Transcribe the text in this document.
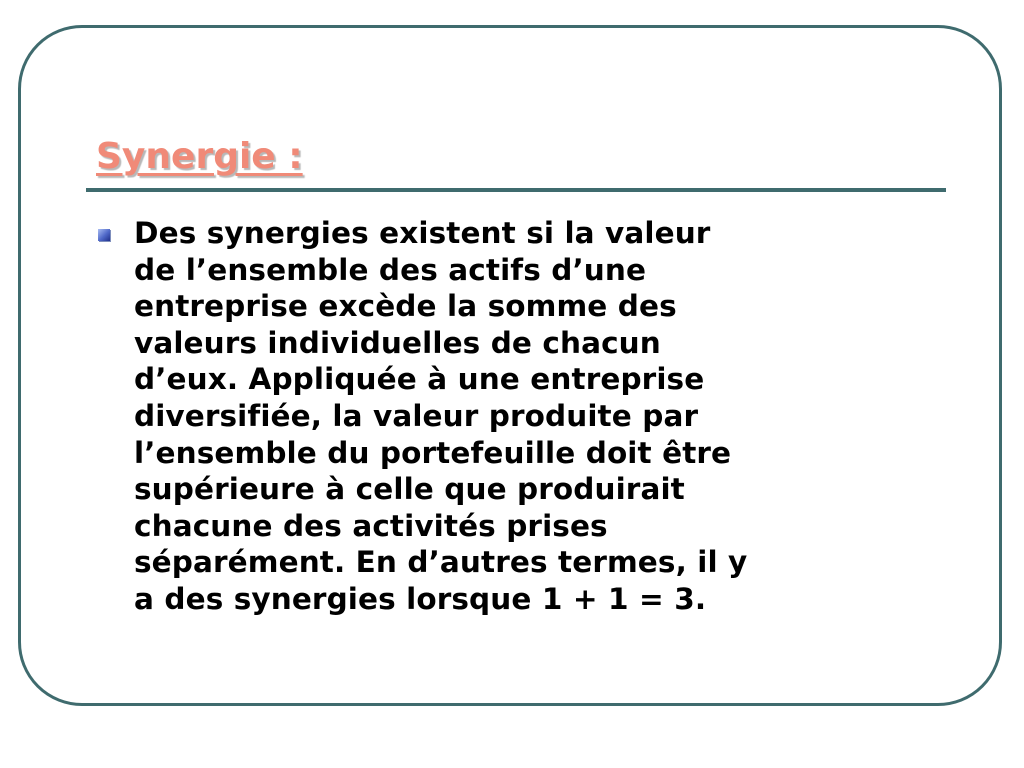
Synergie :

Des synergies existent si la valeur
de l’ensemble des actifs d’une
entreprise excède la somme des
valeurs individuelles de chacun
d’eux. Appliquée à une entreprise
diversifiée, la valeur produite par
l’ensemble du portefeuille doit être
supérieure à celle que produirait
chacune des activités prises
séparément. En d’autres termes, il y
a des synergies lorsque 1 + 1 = 3.
